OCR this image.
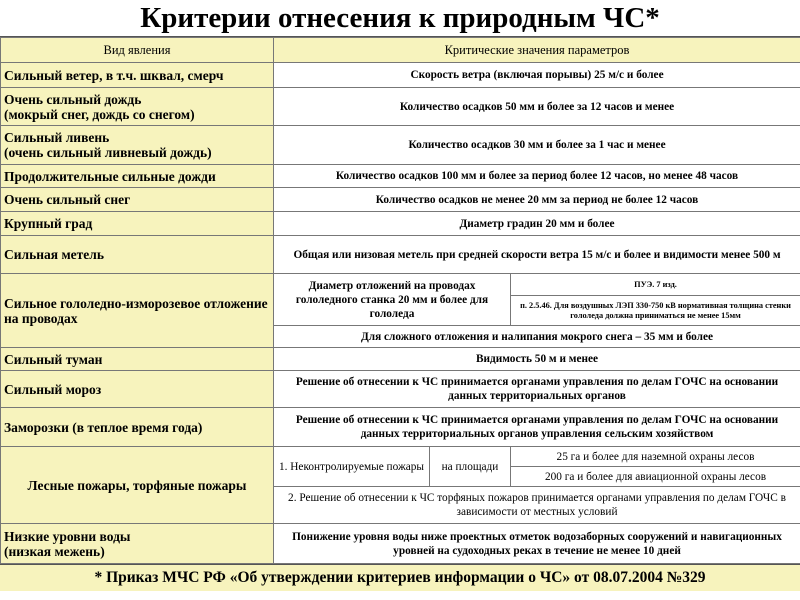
Критерии отнесения к природным ЧС*
Вид явления	Критические значения параметров		
Сильный ветер, в т.ч. шквал, смерч	Скорость ветра (включая порывы) 25 м/с и более		
Очень сильный дождь
(мокрый снег, дождь со снегом)	Количество осадков 50 мм и более за 12 часов и менее		
Сильный ливень
(очень сильный ливневый дождь)	Количество осадков 30 мм и более за 1 час и менее		
Продолжительные сильные дожди	Количество осадков 100 мм и более за период более 12 часов, но менее 48 часов		
Очень сильный снег	Количество осадков не менее 20 мм за период не более 12 часов		
Крупный град	Диаметр градин 20 мм и более		
Сильная метель	Общая или низовая метель при средней скорости ветра 15 м/с и более и видимости менее 500 м		
Сильное гололедно-изморозевое отложение на проводах	Диаметр отложений на проводах гололедного станка 20 мм и более для гололеда		ПУЭ. 7 изд.
			п. 2.5.46. Для воздушных ЛЭП 330-750 кВ нормативная толщина стенки гололеда должна приниматься не менее 15мм
	Для сложного отложения и налипания мокрого снега – 35 мм и более		
Сильный туман	Видимость 50 м и менее		
Сильный мороз	Решение об отнесении к ЧС принимается органами управления по делам ГОЧС на основании данных территориальных органов		
Заморозки (в теплое время года)	Решение об отнесении к ЧС принимается органами управления по делам ГОЧС на основании данных территориальных органов управления сельским хозяйством		
Лесные пожары, торфяные пожары	1. Неконтролируемые пожары	на площади	25 га и более для наземной охраны лесов
			200 га и более для авиационной охраны лесов
	2. Решение об отнесении к ЧС торфяных пожаров принимается органами управления по делам ГОЧС в зависимости от местных условий		
Низкие уровни воды
(низкая межень)	Понижение уровня воды ниже проектных отметок водозаборных сооружений и навигационных уровней на судоходных реках в течение не менее 10 дней		
* Приказ МЧС РФ «Об утверждении критериев информации о ЧС» от 08.07.2004 №329
